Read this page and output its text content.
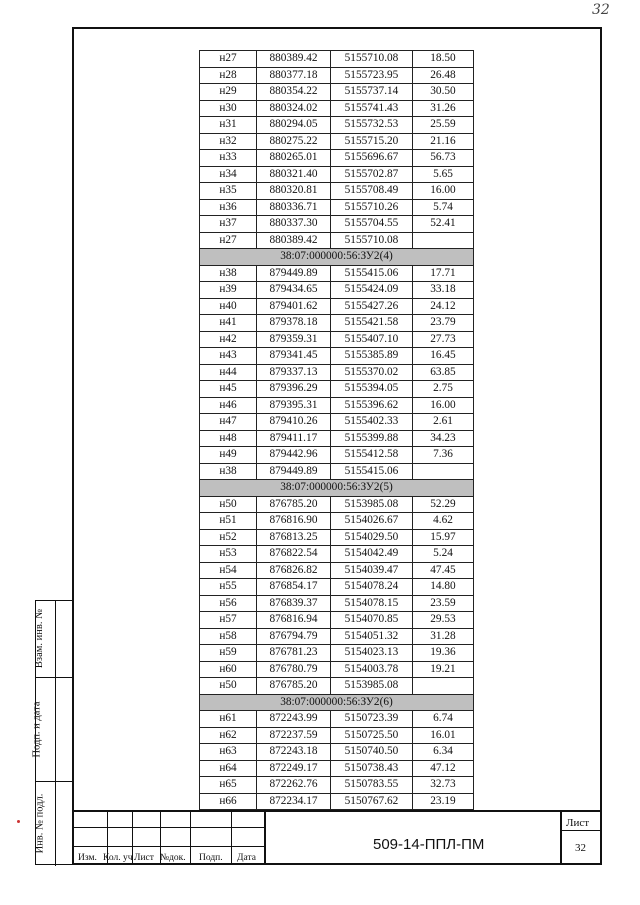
32
Взам. инв. №
Подп. и дата
Инв. № подл.
н27	880389.42	5155710.08	18.50
н28	880377.18	5155723.95	26.48
н29	880354.22	5155737.14	30.50
н30	880324.02	5155741.43	31.26
н31	880294.05	5155732.53	25.59
н32	880275.22	5155715.20	21.16
н33	880265.01	5155696.67	56.73
н34	880321.40	5155702.87	5.65
н35	880320.81	5155708.49	16.00
н36	880336.71	5155710.26	5.74
н37	880337.30	5155704.55	52.41
н27	880389.42	5155710.08	
38:07:000000:56:ЗУ2(4)			
н38	879449.89	5155415.06	17.71
н39	879434.65	5155424.09	33.18
н40	879401.62	5155427.26	24.12
н41	879378.18	5155421.58	23.79
н42	879359.31	5155407.10	27.73
н43	879341.45	5155385.89	16.45
н44	879337.13	5155370.02	63.85
н45	879396.29	5155394.05	2.75
н46	879395.31	5155396.62	16.00
н47	879410.26	5155402.33	2.61
н48	879411.17	5155399.88	34.23
н49	879442.96	5155412.58	7.36
н38	879449.89	5155415.06	
38:07:000000:56:ЗУ2(5)			
н50	876785.20	5153985.08	52.29
н51	876816.90	5154026.67	4.62
н52	876813.25	5154029.50	15.97
н53	876822.54	5154042.49	5.24
н54	876826.82	5154039.47	47.45
н55	876854.17	5154078.24	14.80
н56	876839.37	5154078.15	23.59
н57	876816.94	5154070.85	29.53
н58	876794.79	5154051.32	31.28
н59	876781.23	5154023.13	19.36
н60	876780.79	5154003.78	19.21
н50	876785.20	5153985.08	
38:07:000000:56:ЗУ2(6)			
н61	872243.99	5150723.39	6.74
н62	872237.59	5150725.50	16.01
н63	872243.18	5150740.50	6.34
н64	872249.17	5150738.43	47.12
н65	872262.76	5150783.55	32.73
н66	872234.17	5150767.62	23.19
Изм. Кол. уч Лист №док. Подп. Дата
509-14-ППЛ-ПМ
Лист
32
